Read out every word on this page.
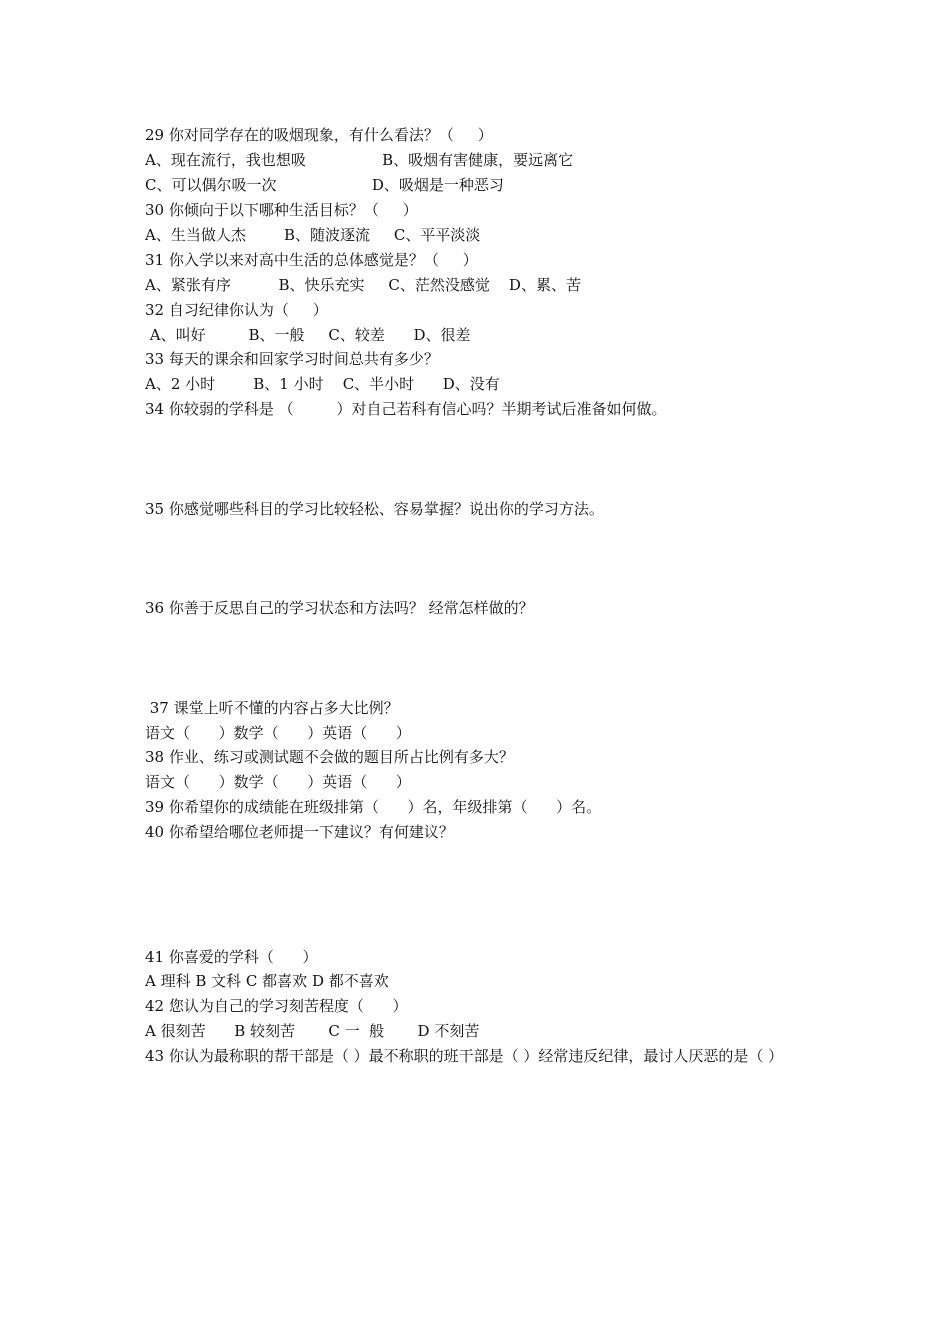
29 你对同学存在的吸烟现象，有什么看法？（     ）
A、现在流行，我也想吸                B、吸烟有害健康，要远离它
C、可以偶尔吸一次                    D、吸烟是一种恶习
30 你倾向于以下哪种生活目标？（     ）
A、生当做人杰        B、随波逐流     C、平平淡淡
31 你入学以来对高中生活的总体感觉是？（     ）
A、紧张有序          B、快乐充实     C、茫然没感觉    D、累、苦
32 自习纪律你认为（     ）
A、叫好         B、一般     C、较差      D、很差
33 每天的课余和回家学习时间总共有多少？
A、2 小时        B、1 小时    C、半小时      D、没有
34 你较弱的学科是 （         ）对自己若科有信心吗？半期考试后准备如何做。
35 你感觉哪些科目的学习比较轻松、容易掌握？说出你的学习方法。
36 你善于反思自己的学习状态和方法吗？ 经常怎样做的？
37 课堂上听不懂的内容占多大比例？
语文（      ）数学（      ）英语（      ）
38 作业、练习或测试题不会做的题目所占比例有多大？
语文（      ）数学（      ）英语（      ）
39 你希望你的成绩能在班级排第（      ）名，年级排第（      ）名。
40 你希望给哪位老师提一下建议？有何建议？
41 你喜爱的学科（      ）
A 理科 B 文科 C 都喜欢 D 都不喜欢
42 您认为自己的学习刻苦程度（      ）
A 很刻苦      B 较刻苦       C 一  般       D 不刻苦
43 你认为最称职的帮干部是（ ）最不称职的班干部是（ ）经常违反纪律，最讨人厌恶的是（ ）
